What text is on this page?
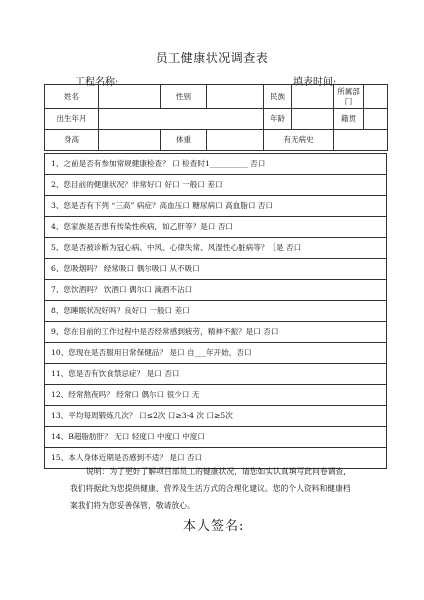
员工健康状况调查表
工程名称:	填表时间:
姓名		性别		民族		所属部门	
出生年月				年龄		籍贯	
身高		体重		有无病史			
1、之前是否有参加常规健康检查？ 口 检查时1__________ 否口
2、您目前的健康状况？非常好口 好口 一般口 差口
3、您是否有下列 “三高” 病症？高血压口 糖尿病口 高血脂口 否口
4、您家族是否患有传染性疾病，如乙肝等？是口 否口
5、您是否被诊断为冠心病、中风、心律失常、风湿性心脏病等？［是 否口
6、您吸烟吗？ 经常吸口 偶尔吸口 从不吸口
7、您饮酒吗？ 饮酒口 偶尔口 滴酒不沾口
8、您睡眠状况好吗？良好口 一般口 差口
9、您在目前的工作过程中是否经常感到疲劳，精神不振？是口 否口
10、您现在是否服用日常保健品？ 是口 自___年开始，否口
11、您是否有饮食禁忌症？ 是口 否口
12、经常熬夜吗？ 经常口 偶尔口 很少口 无
13、平均每周锻炼几次？ 口≤2次 口≥3-4 次 口≥5次
14、B超脂肪肝？ 无口 轻度口 中度口 中度口
15、本人身体近期是否感到不适？ 是口 否口
说明：为了更好了解项目部员工的健康状况，请您如实认真填写此问卷调查，
我们将据此为您提供健康、营养及生活方式的合理化建议。您的个人资料和健康档
案我们将为您妥善保管，敬请放心。
本人签名:
